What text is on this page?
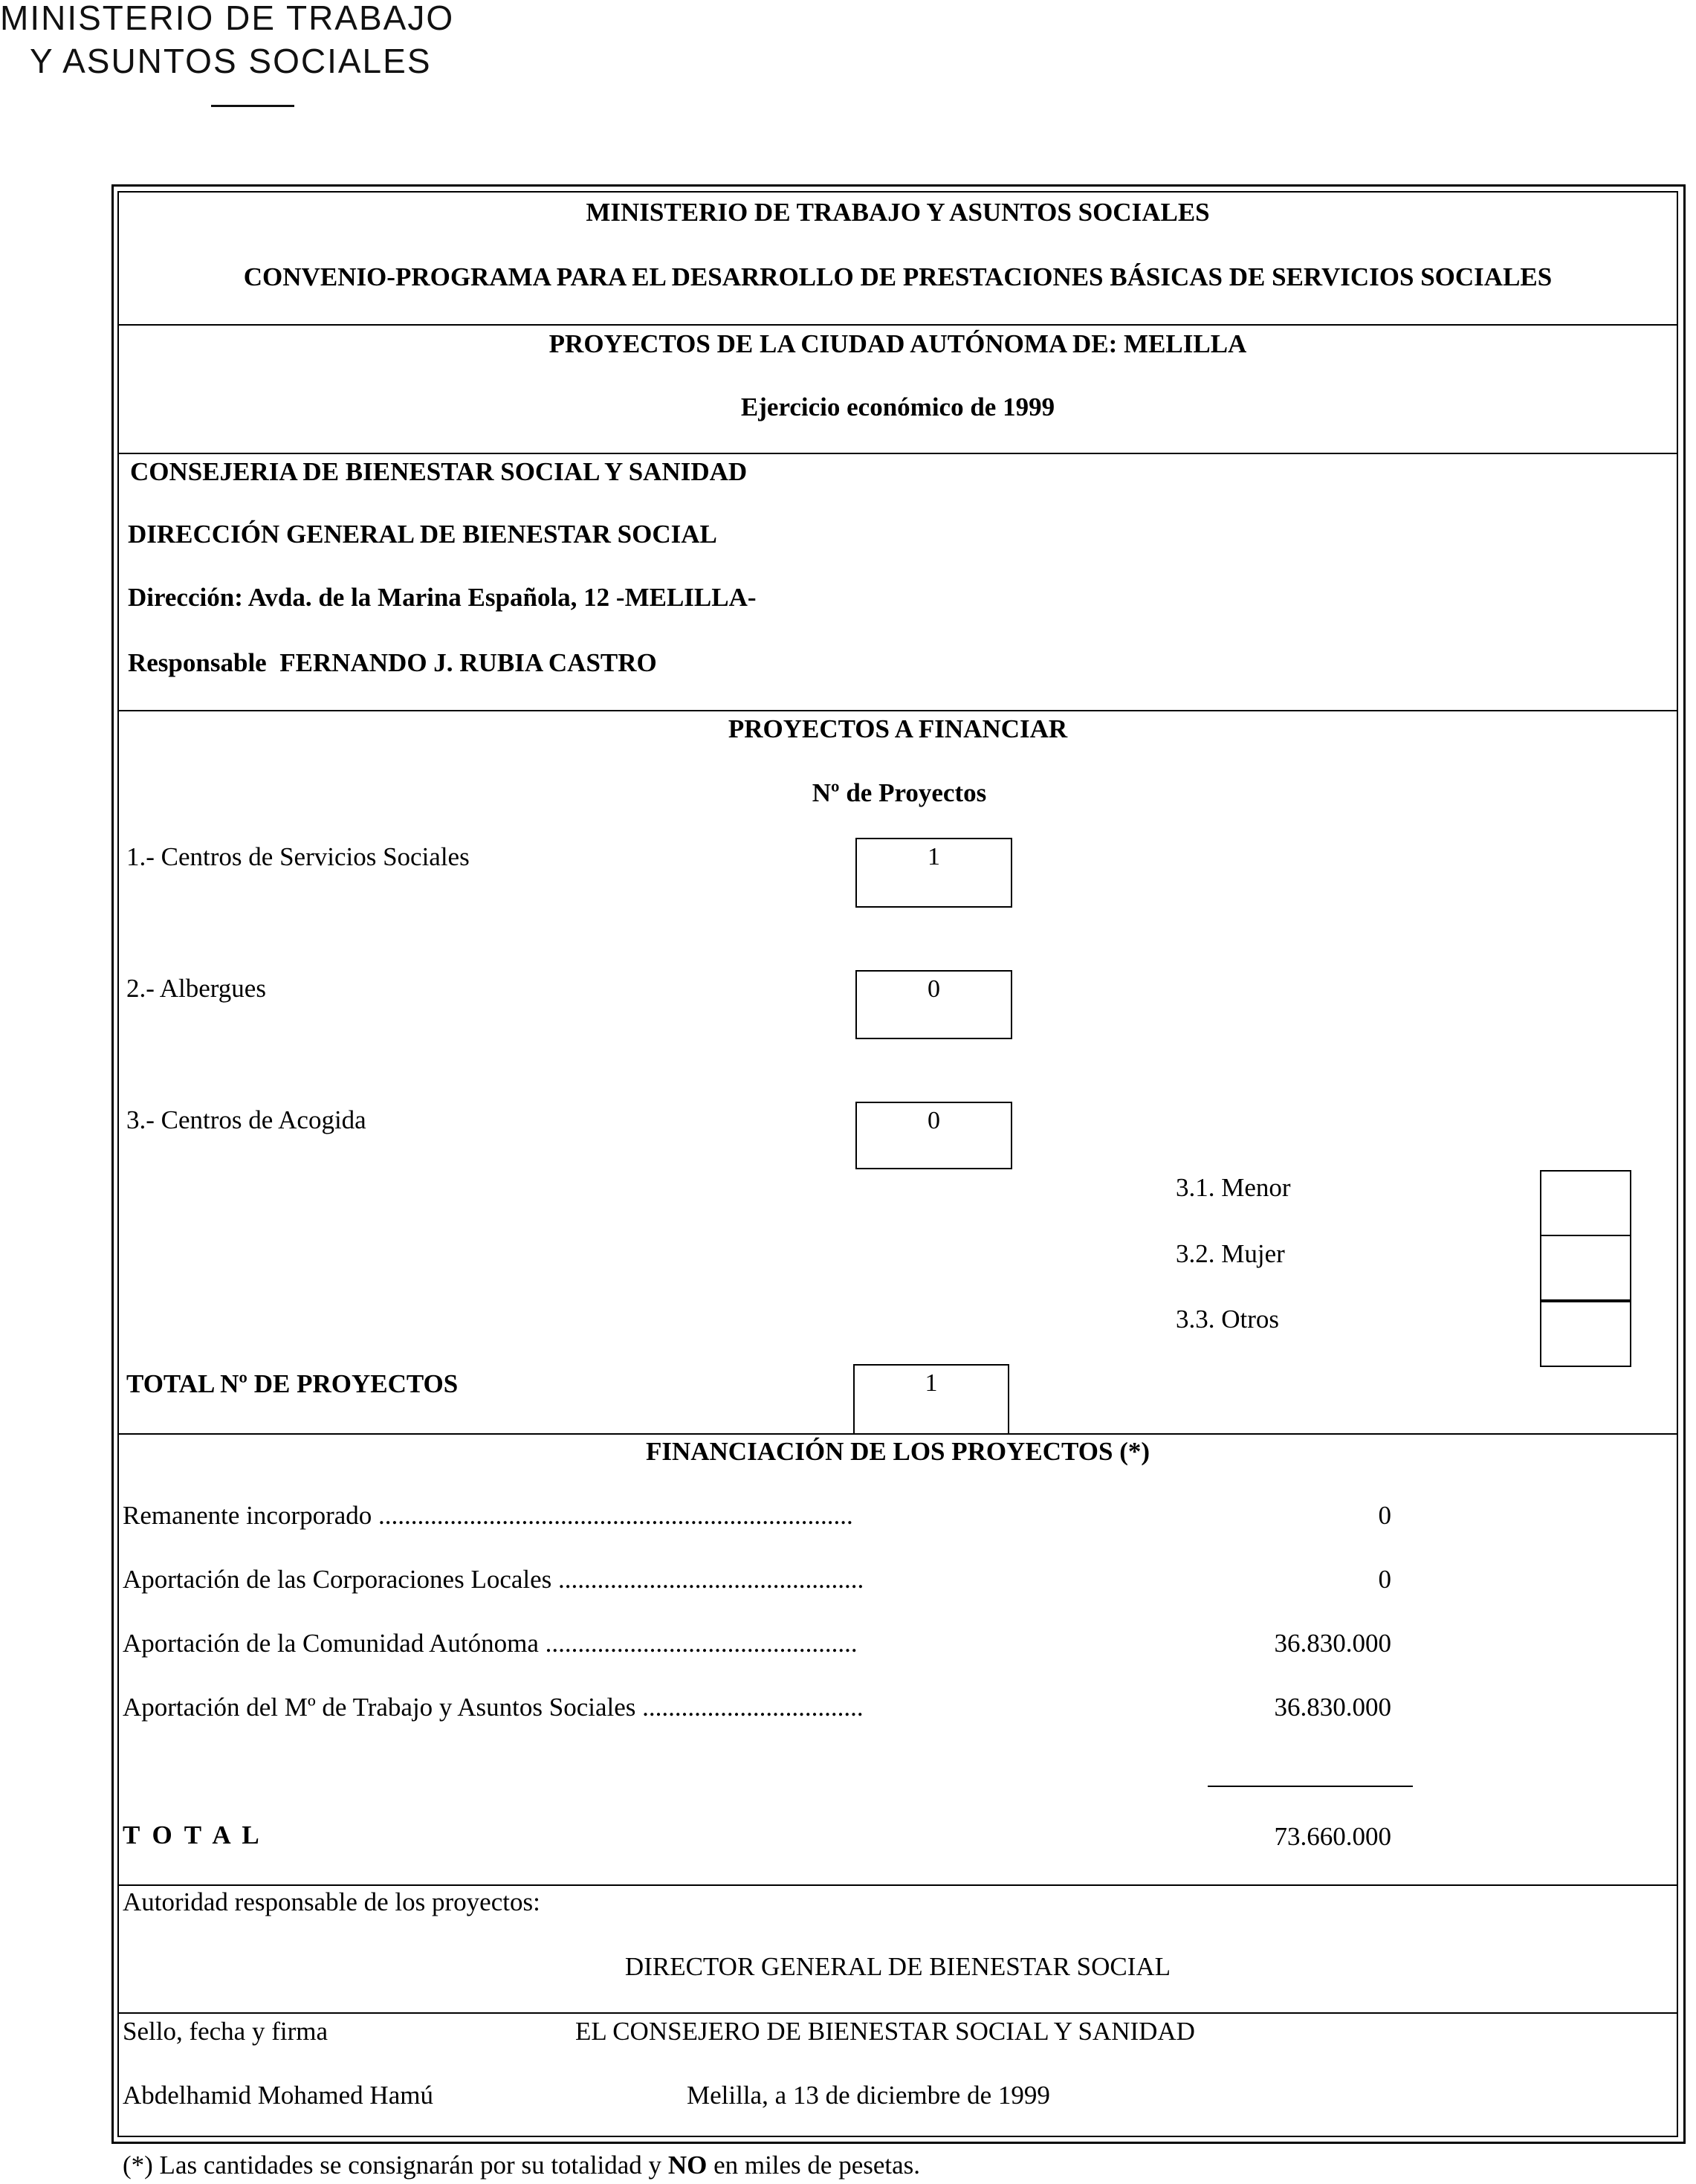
MINISTERIO DE TRABAJO
Y ASUNTOS SOCIALES
MINISTERIO DE TRABAJO Y ASUNTOS SOCIALES
CONVENIO-PROGRAMA PARA EL DESARROLLO DE PRESTACIONES BÁSICAS DE SERVICIOS SOCIALES
PROYECTOS DE LA CIUDAD AUTÓNOMA DE: MELILLA
Ejercicio económico de 1999
CONSEJERIA DE BIENESTAR SOCIAL Y SANIDAD
DIRECCIÓN GENERAL DE BIENESTAR SOCIAL
Dirección: Avda. de la Marina Española, 12 -MELILLA-
Responsable FERNANDO J. RUBIA CASTRO
PROYECTOS A FINANCIAR
Nº de Proyectos
1.- Centros de Servicios Sociales	1
2.- Albergues	0
3.- Centros de Acogida	0
3.1. Menor
3.2. Mujer
3.3. Otros
TOTAL Nº DE PROYECTOS	1
FINANCIACIÓN DE LOS PROYECTOS (*)
Remanente incorporado .........................................................................	0
Aportación de las Corporaciones Locales ...............................................	0
Aportación de la Comunidad Autónoma ................................................	36.830.000
Aportación del Mº de Trabajo y Asuntos Sociales ..................................	36.830.000
T O T A L	73.660.000
Autoridad responsable de los proyectos:
DIRECTOR GENERAL DE BIENESTAR SOCIAL
Sello, fecha y firma	EL CONSEJERO DE BIENESTAR SOCIAL Y SANIDAD
Abdelhamid Mohamed Hamú	Melilla, a 13 de diciembre de 1999
(*) Las cantidades se consignarán por su totalidad y NO en miles de pesetas.
